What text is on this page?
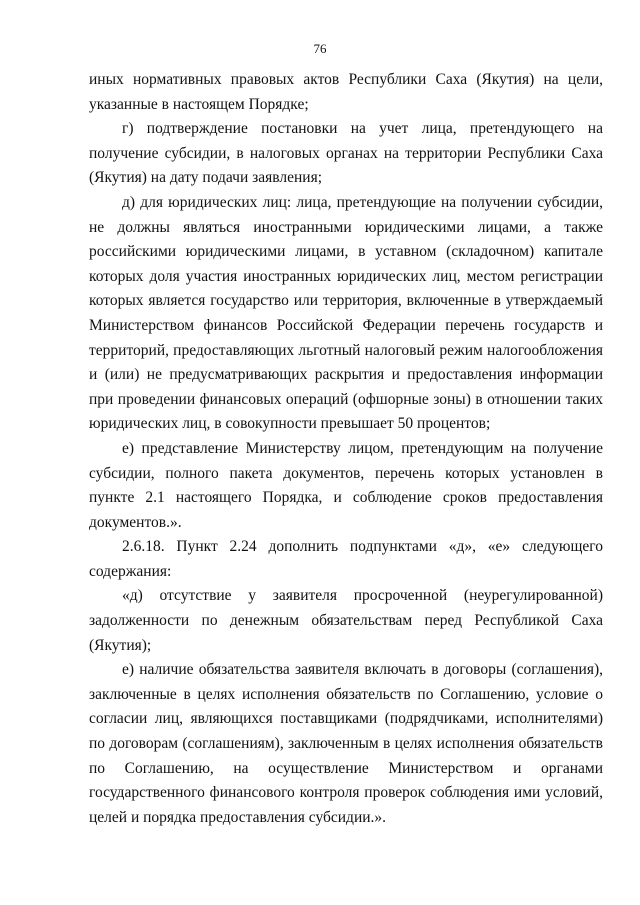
76

иных нормативных правовых актов Республики Саха (Якутия) на цели, указанные в настоящем Порядке;

г) подтверждение постановки на учет лица, претендующего на получение субсидии, в налоговых органах на территории Республики Саха (Якутия) на дату подачи заявления;

д) для юридических лиц: лица, претендующие на получении субсидии, не должны являться иностранными юридическими лицами, а также российскими юридическими лицами, в уставном (складочном) капитале которых доля участия иностранных юридических лиц, местом регистрации которых является государство или территория, включенные в утверждаемый Министерством финансов Российской Федерации перечень государств и территорий, предоставляющих льготный налоговый режим налогообложения и (или) не предусматривающих раскрытия и предоставления информации при проведении финансовых операций (офшорные зоны) в отношении таких юридических лиц, в совокупности превышает 50 процентов;

е) представление Министерству лицом, претендующим на получение субсидии, полного пакета документов, перечень которых установлен в пункте 2.1 настоящего Порядка, и соблюдение сроков предоставления документов.».

2.6.18. Пункт 2.24 дополнить подпунктами «д», «е» следующего содержания:

«д) отсутствие у заявителя просроченной (неурегулированной) задолженности по денежным обязательствам перед Республикой Саха (Якутия);

е) наличие обязательства заявителя включать в договоры (соглашения), заключенные в целях исполнения обязательств по Соглашению, условие о согласии лиц, являющихся поставщиками (подрядчиками, исполнителями) по договорам (соглашениям), заключенным в целях исполнения обязательств по Соглашению, на осуществление Министерством и органами государственного финансового контроля проверок соблюдения ими условий, целей и порядка предоставления субсидии.».
